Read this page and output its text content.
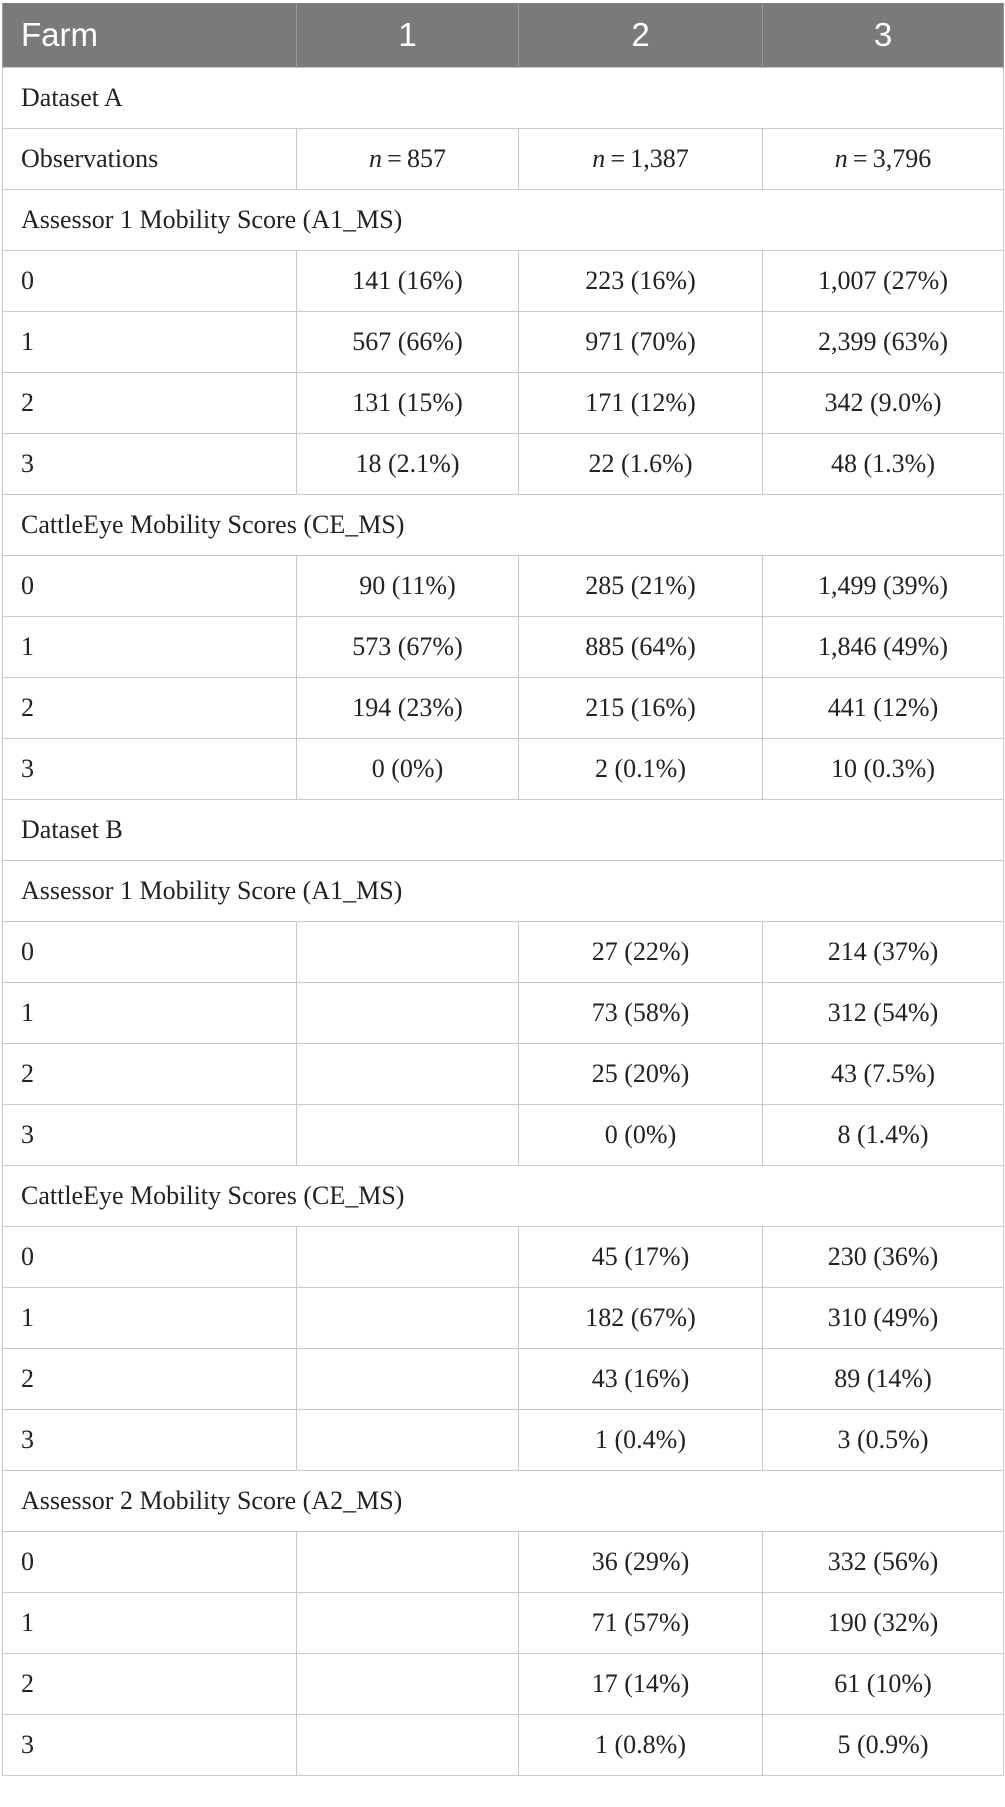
Farm	1	2	3
Dataset A			
Observations	n = 857	n = 1,387	n = 3,796
Assessor 1 Mobility Score (A1_MS)			
0	141 (16%)	223 (16%)	1,007 (27%)
1	567 (66%)	971 (70%)	2,399 (63%)
2	131 (15%)	171 (12%)	342 (9.0%)
3	18 (2.1%)	22 (1.6%)	48 (1.3%)
CattleEye Mobility Scores (CE_MS)			
0	90 (11%)	285 (21%)	1,499 (39%)
1	573 (67%)	885 (64%)	1,846 (49%)
2	194 (23%)	215 (16%)	441 (12%)
3	0 (0%)	2 (0.1%)	10 (0.3%)
Dataset B			
Assessor 1 Mobility Score (A1_MS)			
0		27 (22%)	214 (37%)
1		73 (58%)	312 (54%)
2		25 (20%)	43 (7.5%)
3		0 (0%)	8 (1.4%)
CattleEye Mobility Scores (CE_MS)			
0		45 (17%)	230 (36%)
1		182 (67%)	310 (49%)
2		43 (16%)	89 (14%)
3		1 (0.4%)	3 (0.5%)
Assessor 2 Mobility Score (A2_MS)			
0		36 (29%)	332 (56%)
1		71 (57%)	190 (32%)
2		17 (14%)	61 (10%)
3		1 (0.8%)	5 (0.9%)
